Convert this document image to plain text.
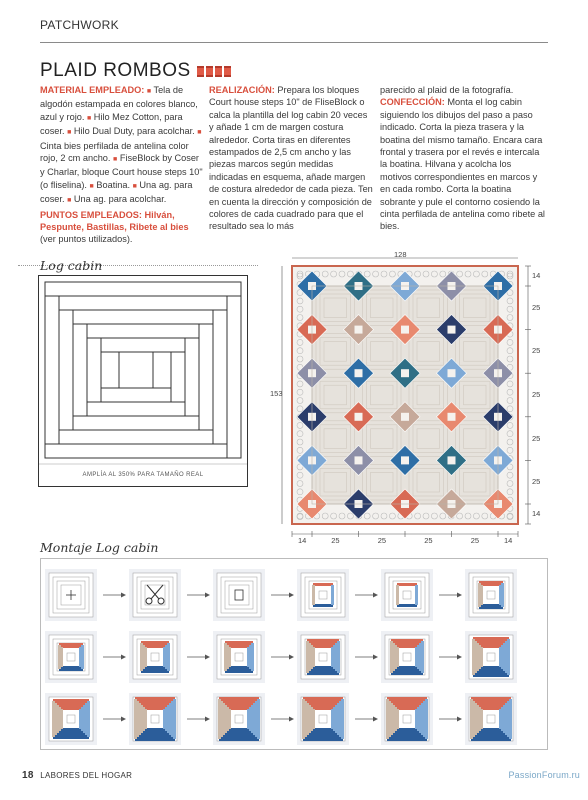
PATCHWORK
PLAID ROMBOS

MATERIAL EMPLEADO: ■ Tela de algodón estampada en colores blanco, azul y rojo. ■ Hilo Mez Cotton, para coser. ■ Hilo Dual Duty, para acolchar. ■ Cinta bies perfilada de antelina color rojo, 2 cm ancho. ■ FiseBlock by Coser y Charlar, bloque Court house steps 10" (o fliselina). ■ Boatina. ■ Una ag. para coser. ■ Una ag. para acolchar.

PUNTOS EMPLEADOS: Hilván, Pespunte, Bastillas, Ribete al bies (ver puntos utilizados).

REALIZACIÓN: Prepara los bloques Court house steps 10" de FliseBlock o calca la plantilla del log cabin 20 veces y añade 1 cm de margen costura alrededor. Corta tiras en diferentes estampados de 2,5 cm ancho y las piezas marcos según medidas indicadas en esquema, añade margen de costura alrededor de cada pieza. Ten en cuenta la dirección y composición de colores de cada cuadrado para que el resultado sea lo más

parecido al plaid de la fotografía. CONFECCIÓN: Monta el log cabin siguiendo los dibujos del paso a paso indicado. Corta la pieza trasera y la boatina del mismo tamaño. Encara cara frontal y trasera por el revés e intercala la boatina. Hilvana y acolcha los motivos correspondientes en marcos y en cada rombo. Corta la boatina sobrante y pule el contorno cosiendo la cinta perfilada de antelina como ribete al bies.

Log cabin
AMPLÍA AL 350% PARA TAMAÑO REAL
128
153
14
25
25
25
25
25
14
14	25	25	25	25	14
Montaje Log cabin
18 LABORES DEL HOGAR	PassionForum.ru
